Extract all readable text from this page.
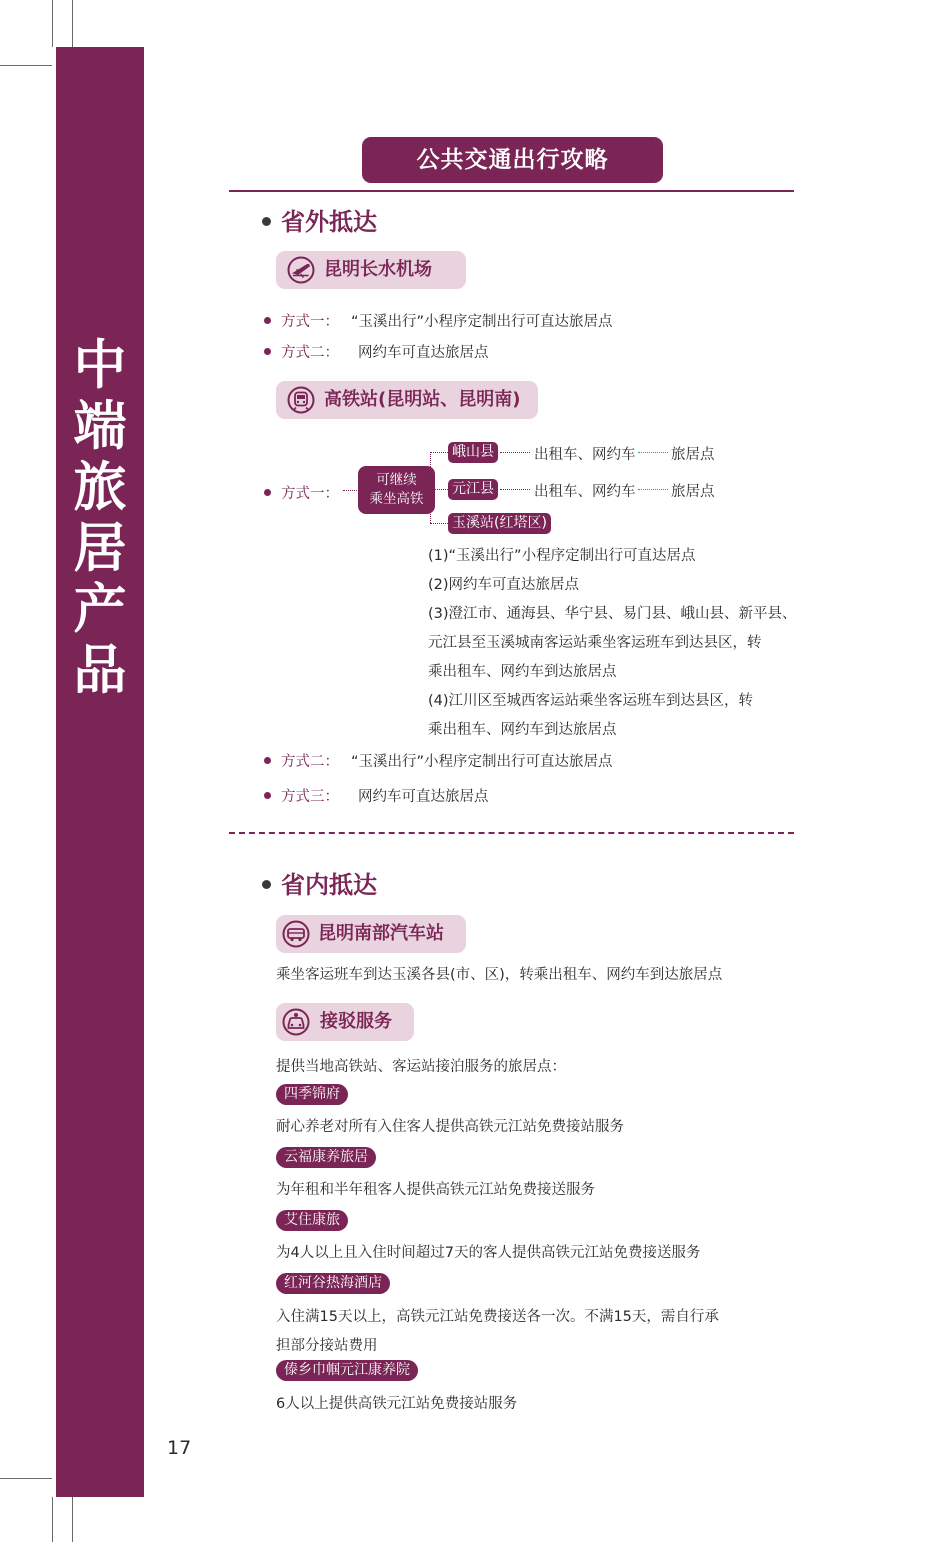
中
端
旅
居
产
品
公共交通出行攻略
省外抵达
昆明长水机场
方式一： “玉溪出行”小程序定制出行可直达旅居点
方式二： 网约车可直达旅居点
高铁站(昆明站、昆明南)
方式一：
可继续
乘坐高铁
峨山县	出租车、网约车 旅居点
元江县	出租车、网约车 旅居点
玉溪站(红塔区)
(1)“玉溪出行”小程序定制出行可直达居点
(2)网约车可直达旅居点
(3)澄江市、通海县、华宁县、易门县、峨山县、新平县、
元江县至玉溪城南客运站乘坐客运班车到达县区，转
乘出租车、网约车到达旅居点
(4)江川区至城西客运站乘坐客运班车到达县区，转
乘出租车、网约车到达旅居点
方式二： “玉溪出行”小程序定制出行可直达旅居点
方式三： 网约车可直达旅居点
省内抵达
昆明南部汽车站
乘坐客运班车到达玉溪各县(市、区)，转乘出租车、网约车到达旅居点
接驳服务
提供当地高铁站、客运站接泊服务的旅居点：
四季锦府
耐心养老对所有入住客人提供高铁元江站免费接站服务
云福康养旅居
为年租和半年租客人提供高铁元江站免费接送服务
艾住康旅
为4人以上且入住时间超过7天的客人提供高铁元江站免费接送服务
红河谷热海酒店
入住满15天以上，高铁元江站免费接送各一次。不满15天，需自行承
担部分接站费用
傣乡巾帼元江康养院
6人以上提供高铁元江站免费接站服务
17
